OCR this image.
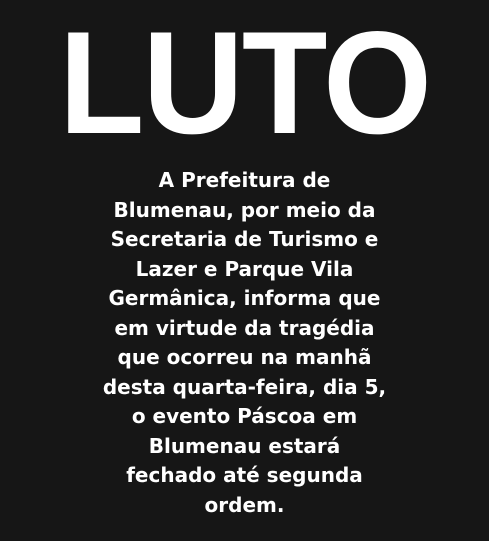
LUTO

A Prefeitura de
Blumenau, por meio da
Secretaria de Turismo e
Lazer e Parque Vila
Germânica, informa que
em virtude da tragédia
que ocorreu na manhã
desta quarta-feira, dia 5,
o evento Páscoa em
Blumenau estará
fechado até segunda
ordem.
